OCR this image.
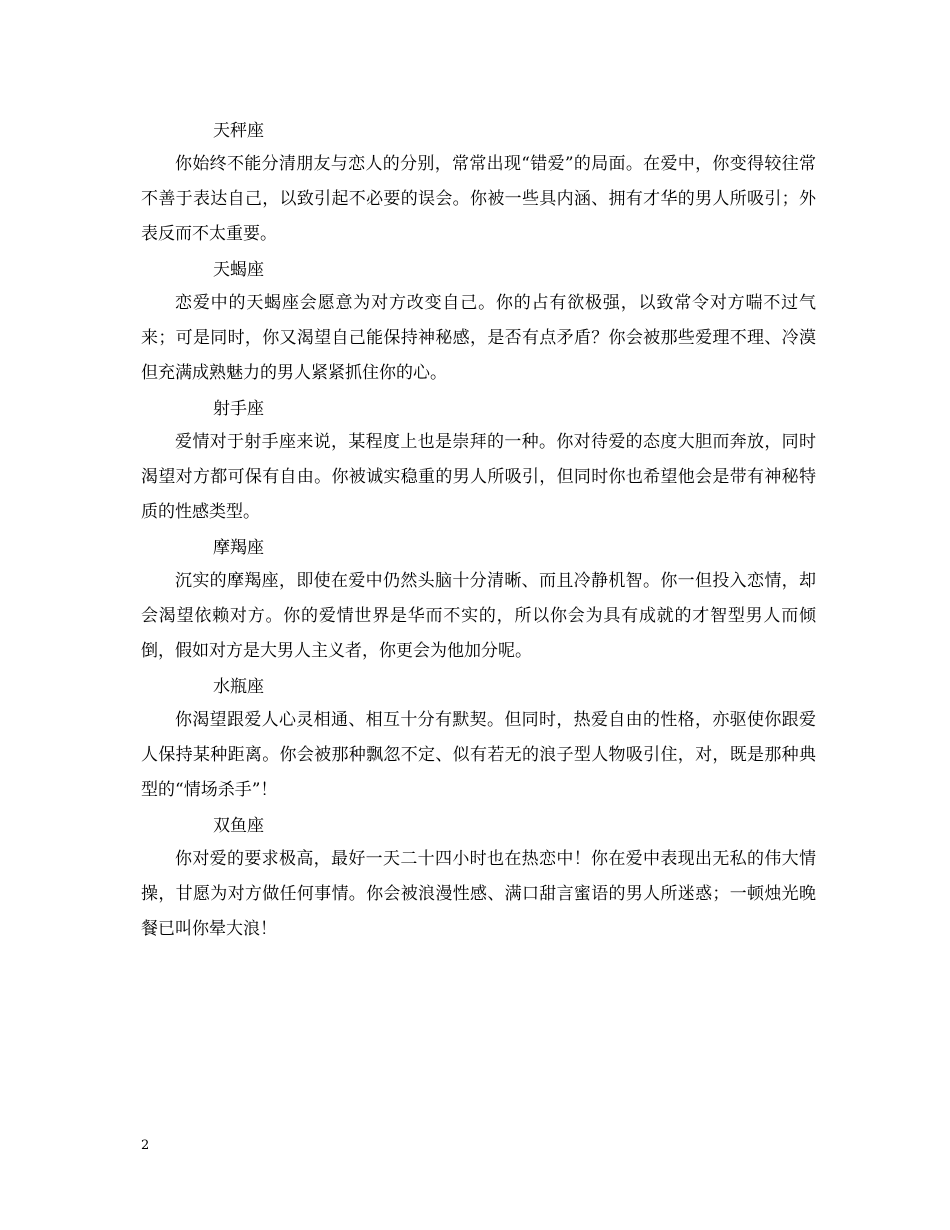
天秤座

你始终不能分清朋友与恋人的分别，常常出现“错爱”的局面。在爱中，你变得较往常不善于表达自己，以致引起不必要的误会。你被一些具内涵、拥有才华的男人所吸引；外表反而不太重要。

天蝎座

恋爱中的天蝎座会愿意为对方改变自己。你的占有欲极强，以致常令对方喘不过气来；可是同时，你又渴望自己能保持神秘感，是否有点矛盾？你会被那些爱理不理、冷漠但充满成熟魅力的男人紧紧抓住你的心。

射手座

爱情对于射手座来说，某程度上也是崇拜的一种。你对待爱的态度大胆而奔放，同时渴望对方都可保有自由。你被诚实稳重的男人所吸引，但同时你也希望他会是带有神秘特质的性感类型。

摩羯座

沉实的摩羯座，即使在爱中仍然头脑十分清晰、而且冷静机智。你一但投入恋情，却会渴望依赖对方。你的爱情世界是华而不实的，所以你会为具有成就的才智型男人而倾倒，假如对方是大男人主义者，你更会为他加分呢。

水瓶座

你渴望跟爱人心灵相通、相互十分有默契。但同时，热爱自由的性格，亦驱使你跟爱人保持某种距离。你会被那种飘忽不定、似有若无的浪子型人物吸引住，对，既是那种典型的“情场杀手”！

双鱼座

你对爱的要求极高，最好一天二十四小时也在热恋中！你在爱中表现出无私的伟大情操，甘愿为对方做任何事情。你会被浪漫性感、满口甜言蜜语的男人所迷惑；一顿烛光晚餐已叫你晕大浪！

2
